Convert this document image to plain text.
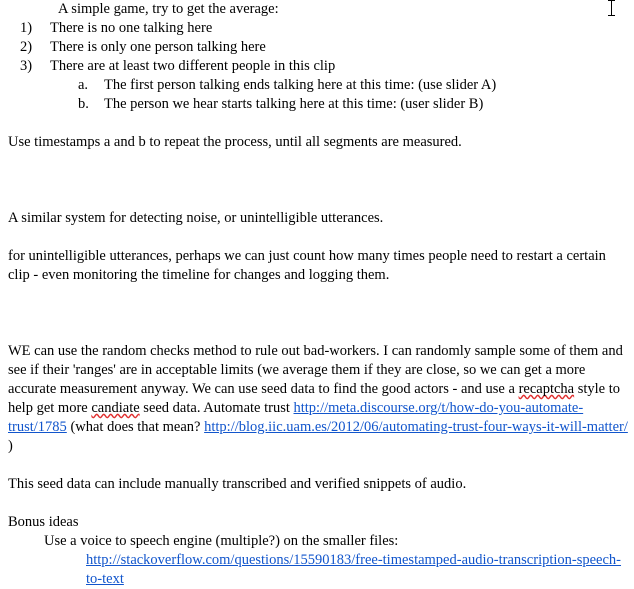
A simple game, try to get the average:

1)	There is no one talking here
2)	There is only one person talking here
3)	There are at least two different people in this clip
a.	The first person talking ends talking here at this time: (use slider A)
b.	The person we hear starts talking here at this time: (user slider B)

Use timestamps a and b to repeat the process, until all segments are measured.

A similar system for detecting noise, or unintelligible utterances.

for unintelligible utterances, perhaps we can just count how many times people need to restart a certain clip - even monitoring the timeline for changes and logging them.

WE can use the random checks method to rule out bad-workers. I can randomly sample some of them and see if their 'ranges' are in acceptable limits (we average them if they are close, so we can get a more accurate measurement anyway. We can use seed data to find the good actors - and use a recaptcha style to help get more candiate seed data. Automate trust http://meta.discourse.org/t/how-do-you-automate-trust/1785 (what does that mean? http://blog.iic.uam.es/2012/06/automating-trust-four-ways-it-will-matter/ )

This seed data can include manually transcribed and verified snippets of audio.

Bonus ideas

Use a voice to speech engine (multiple?) on the smaller files:

http://stackoverflow.com/questions/15590183/free-timestamped-audio-transcription-speech-to-text
